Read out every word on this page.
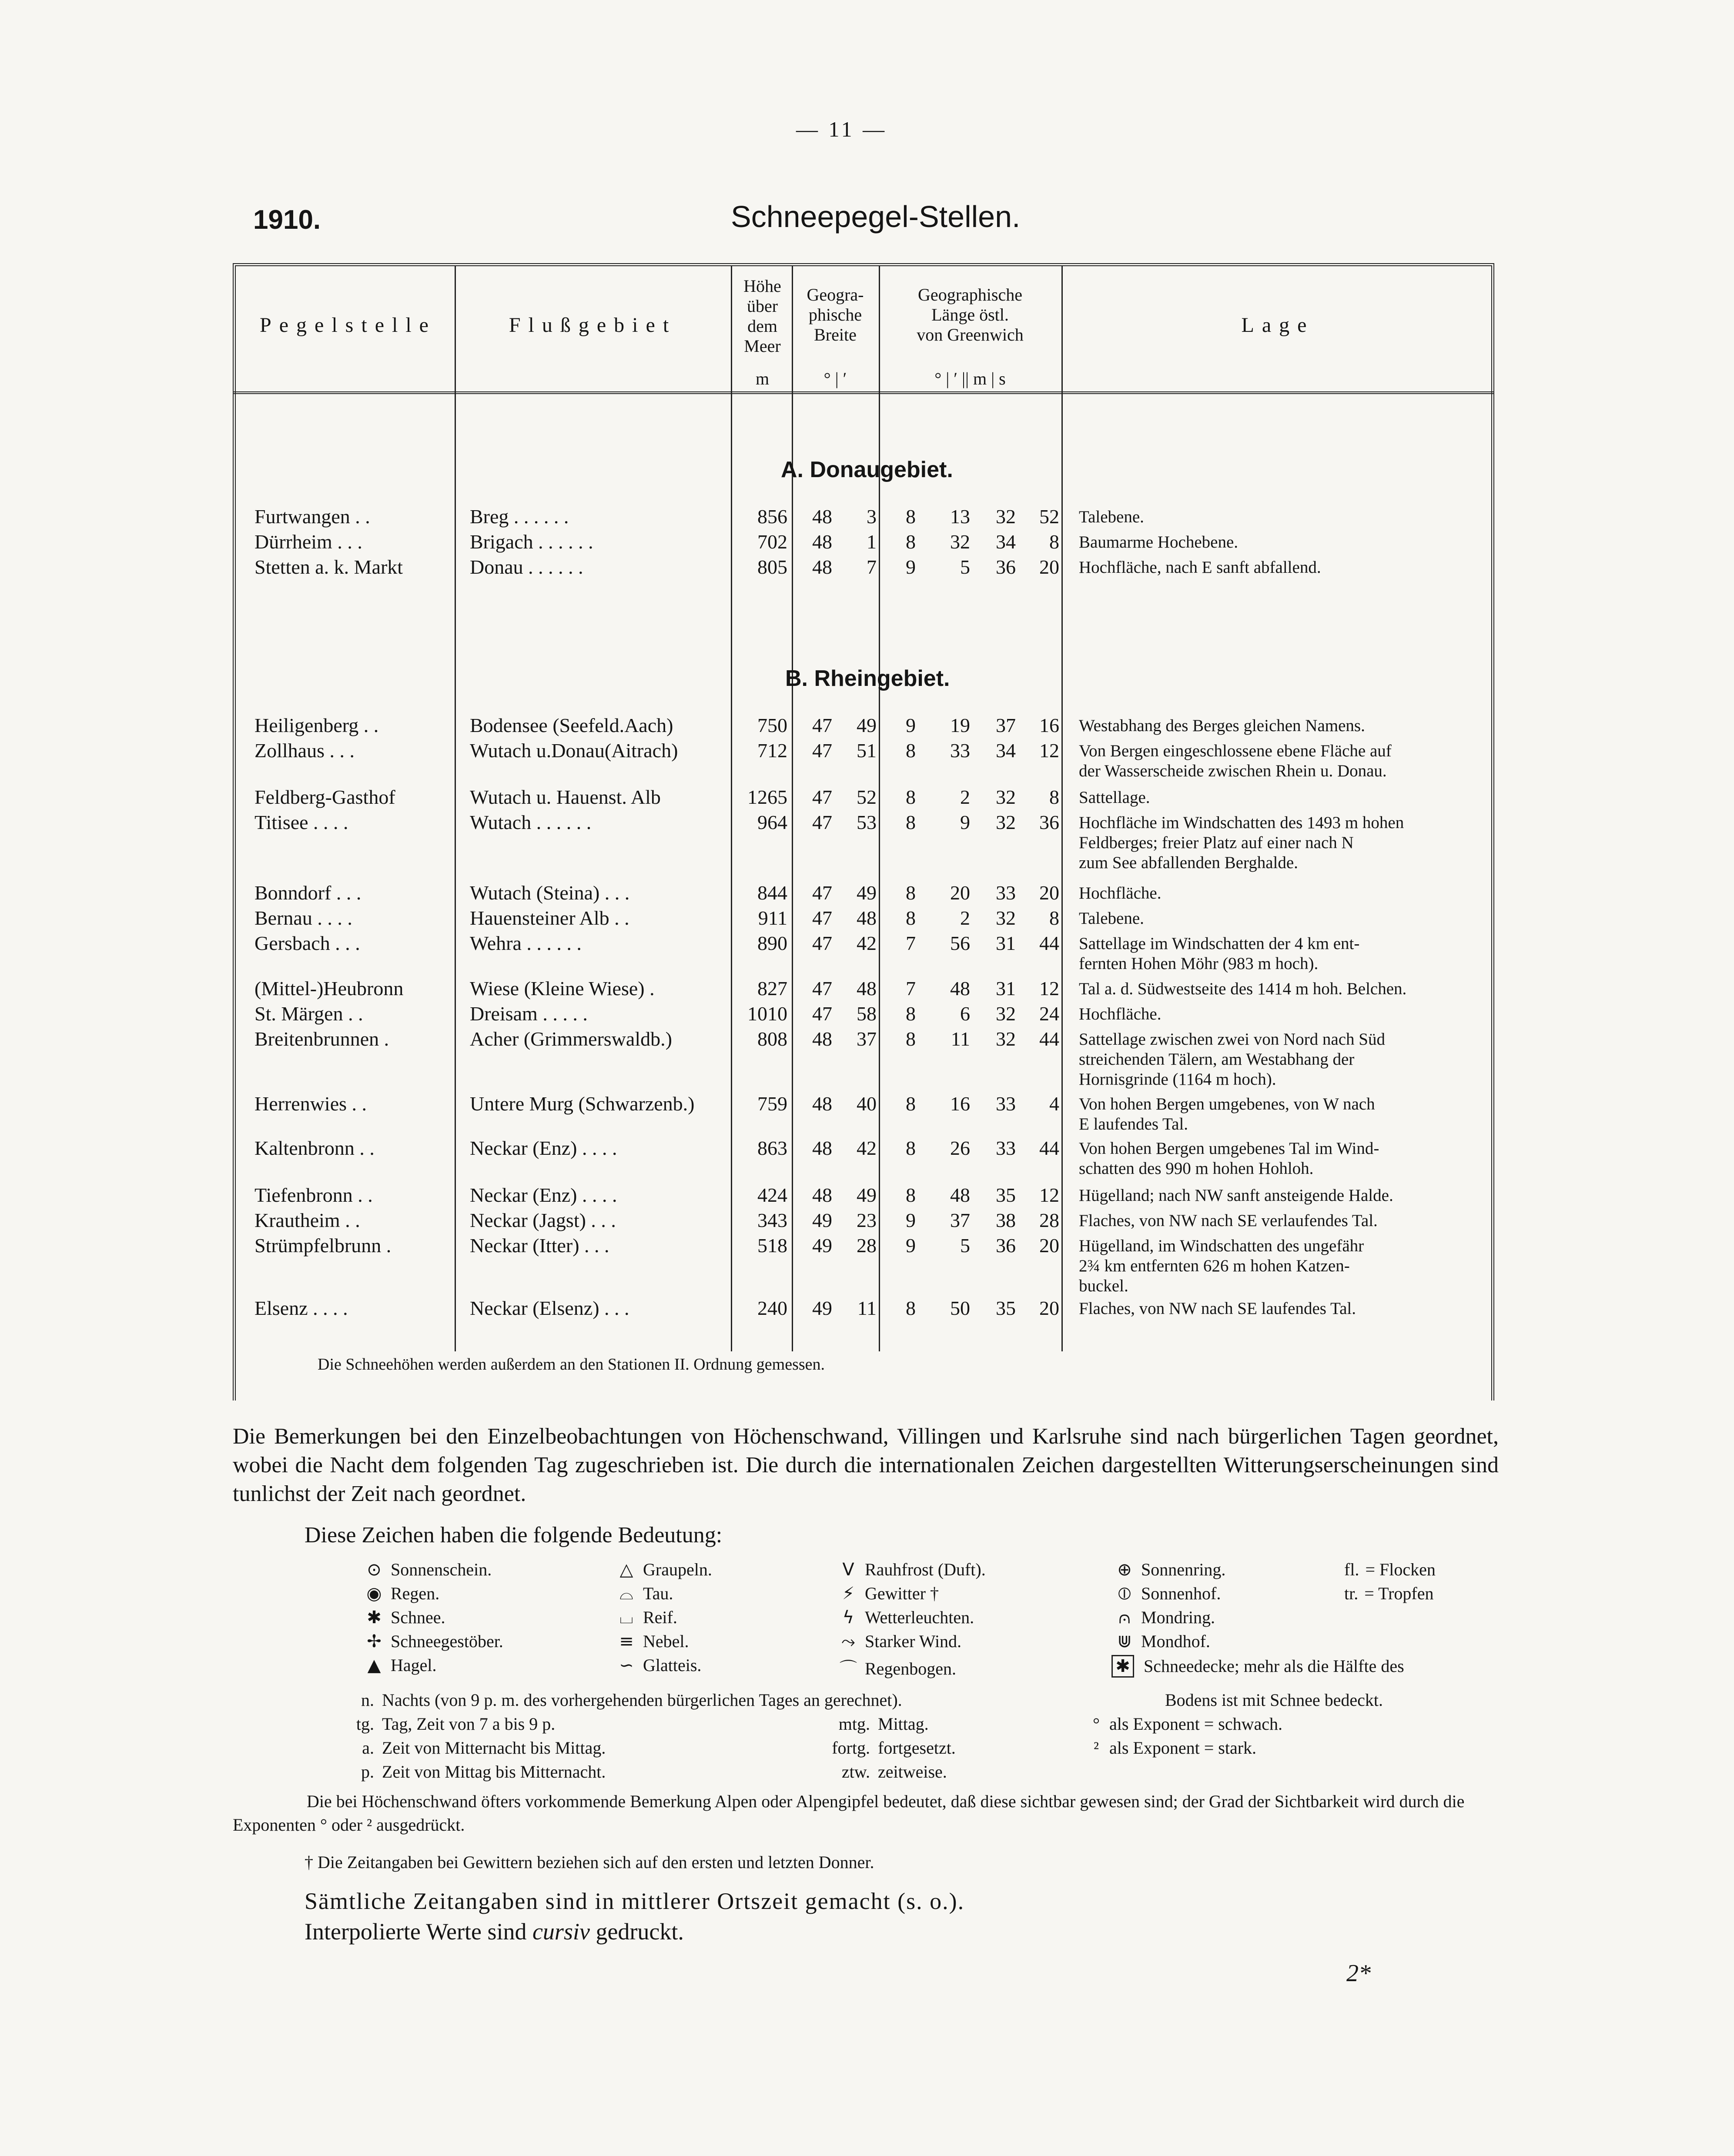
— 11 —
1910.	Schneepegel-Stellen.
Pegelstelle	Flußgebiet
Höhe
über
dem
Meer
Geogra-
phische
Breite
Geographische
Länge östl.
von Greenwich	Lage
m	° | ′	° | ′ || m | s
A. Donaugebiet.
B. Rheingebiet.
Furtwangen . .	Breg . . . . . .	856	48	3	8	13	32	52 Talebene.
Dürrheim . . .	Brigach . . . . . .	702	48	1	8	32	34	8 Baumarme Hochebene.
Stetten a. k. Markt	Donau . . . . . .	805	48	7	9	5	36	20 Hochfläche, nach E sanft abfallend.
Heiligenberg . .	Bodensee (Seefeld.Aach)	750	47	49	9	19	37	16 Westabhang des Berges gleichen Namens.
Zollhaus . . .	Wutach u.Donau(Aitrach)	712	47	51	8	33	34	12 Von Bergen eingeschlossene ebene Fläche auf
der Wasserscheide zwischen Rhein u. Donau.
Feldberg-Gasthof	Wutach u. Hauenst. Alb	1265	47	52	8	2	32	8 Sattellage.
Titisee . . . .	Wutach . . . . . .	964	47	53	8	9	32	36 Hochfläche im Windschatten des 1493 m hohen
Feldberges; freier Platz auf einer nach N
zum See abfallenden Berghalde.
Bonndorf . . .	Wutach (Steina) . . .	844	47	49	8	20	33	20 Hochfläche.
Bernau . . . .	Hauensteiner Alb . .	911	47	48	8	2	32	8 Talebene.
Gersbach . . .	Wehra . . . . . .	890	47	42	7	56	31	44 Sattellage im Windschatten der 4 km ent-
fernten Hohen Möhr (983 m hoch).
(Mittel-)Heubronn	Wiese (Kleine Wiese) .	827	47	48	7	48	31	12 Tal a. d. Südwestseite des 1414 m hoh. Belchen.
St. Märgen . .	Dreisam . . . . .	1010	47	58	8	6	32	24 Hochfläche.
Breitenbrunnen .	Acher (Grimmerswaldb.)	808	48	37	8	11	32	44 Sattellage zwischen zwei von Nord nach Süd
streichenden Tälern, am Westabhang der
Hornisgrinde (1164 m hoch).
Herrenwies . .	Untere Murg (Schwarzenb.)	759	48	40	8	16	33	4 Von hohen Bergen umgebenes, von W nach
E laufendes Tal.
Kaltenbronn . .	Neckar (Enz) . . . .	863	48	42	8	26	33	44 Von hohen Bergen umgebenes Tal im Wind-
schatten des 990 m hohen Hohloh.
Tiefenbronn . .	Neckar (Enz) . . . .	424	48	49	8	48	35	12 Hügelland; nach NW sanft ansteigende Halde.
Krautheim . .	Neckar (Jagst) . . .	343	49	23	9	37	38	28 Flaches, von NW nach SE verlaufendes Tal.
Strümpfelbrunn .	Neckar (Itter) . . .	518	49	28	9	5	36	20 Hügelland, im Windschatten des ungefähr
2¾ km entfernten 626 m hohen Katzen-
buckel.
Elsenz . . . .	Neckar (Elsenz) . . .	240	49	11	8	50	35	20 Flaches, von NW nach SE laufendes Tal.
Die Schneehöhen werden außerdem an den Stationen II. Ordnung gemessen.
Die Bemerkungen bei den Einzelbeobachtungen von Höchenschwand, Villingen und Karlsruhe sind nach bürgerlichen Tagen geordnet, wobei die Nacht dem folgenden Tag zugeschrieben ist. Die durch die internationalen Zeichen dargestellten Witterungserscheinungen sind tunlichst der Zeit nach geordnet.
Diese Zeichen haben die folgende Bedeutung:
⊙ Sonnenschein.
◉ Regen.
✱ Schnee.
✢ Schneegestöber.
▲ Hagel.
△ Graupeln.
⌓ Tau.
⌴ Reif.
≡ Nebel.
∽ Glatteis.
V Rauhfrost (Duft).
⚡ Gewitter †
ϟ Wetterleuchten.
⤳ Starker Wind.
⌒ Regenbogen.
⊕ Sonnenring.
⦶ Sonnenhof.
⩀ Mondring.
⋓ Mondhof.
✱ Schneedecke; mehr als die Hälfte des
fl. = Flocken
tr. = Tropfen
Bodens ist mit Schnee bedeckt.
n. Nachts (von 9 p. m. des vorhergehenden bürgerlichen Tages an gerechnet).
tg. Tag, Zeit von 7 a bis 9 p.
a. Zeit von Mitternacht bis Mittag.
p. Zeit von Mittag bis Mitternacht.
mtg. Mittag.
fortg. fortgesetzt.
ztw. zeitweise.
° als Exponent = schwach.
² als Exponent = stark.
Die bei Höchenschwand öfters vorkommende Bemerkung Alpen oder Alpengipfel bedeutet, daß diese sichtbar gewesen sind; der Grad der Sichtbarkeit wird durch die Exponenten ° oder ² ausgedrückt.
† Die Zeitangaben bei Gewittern beziehen sich auf den ersten und letzten Donner.
Sämtliche Zeitangaben sind in mittlerer Ortszeit gemacht (s. o.).
Interpolierte Werte sind cursiv gedruckt.
2*
